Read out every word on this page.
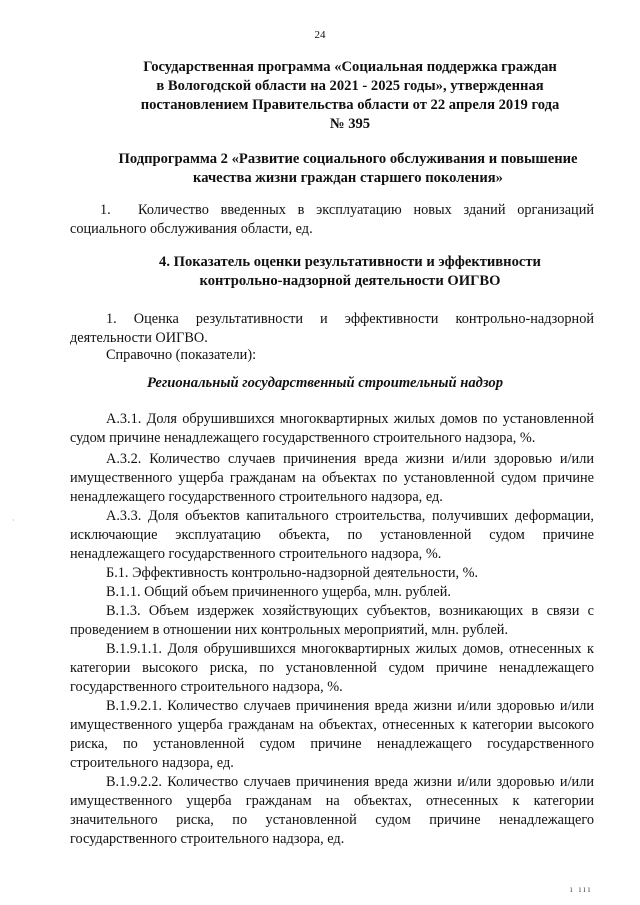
24
Государственная программа «Социальная поддержка граждан в Вологодской области на 2021 - 2025 годы», утвержденная постановлением Правительства области от 22 апреля 2019 года № 395
Подпрограмма 2 «Развитие социального обслуживания и повышение качества жизни граждан старшего поколения»
1. Количество введенных в эксплуатацию новых зданий организаций социального обслуживания области, ед.
4. Показатель оценки результативности и эффективности контрольно-надзорной деятельности ОИГВО
1. Оценка результативности и эффективности контрольно-надзорной деятельности ОИГВО.
Справочно (показатели):
Региональный государственный строительный надзор

А.3.1. Доля обрушившихся многоквартирных жилых домов по установленной судом причине ненадлежащего государственного строительного надзора, %.

А.3.2. Количество случаев причинения вреда жизни и/или здоровью и/или имущественного ущерба гражданам на объектах по установленной судом причине ненадлежащего государственного строительного надзора, ед.

А.3.3. Доля объектов капитального строительства, получивших деформации, исключающие эксплуатацию объекта, по установленной судом причине ненадлежащего государственного строительного надзора, %.

Б.1. Эффективность контрольно-надзорной деятельности, %.

В.1.1. Общий объем причиненного ущерба, млн. рублей.

В.1.3. Объем издержек хозяйствующих субъектов, возникающих в связи с проведением в отношении них контрольных мероприятий, млн. рублей.

В.1.9.1.1. Доля обрушившихся многоквартирных жилых домов, отнесенных к категории высокого риска, по установленной судом причине ненадлежащего государственного строительного надзора, %.

В.1.9.2.1. Количество случаев причинения вреда жизни и/или здоровью и/или имущественного ущерба гражданам на объектах, отнесенных к категории высокого риска, по установленной судом причине ненадлежащего государственного строительного надзора, ед.

В.1.9.2.2. Количество случаев причинения вреда жизни и/или здоровью и/или имущественного ущерба гражданам на объектах, отнесенных к категории значительного риска, по установленной судом причине ненадлежащего государственного строительного надзора, ед.

·
ı ııı
